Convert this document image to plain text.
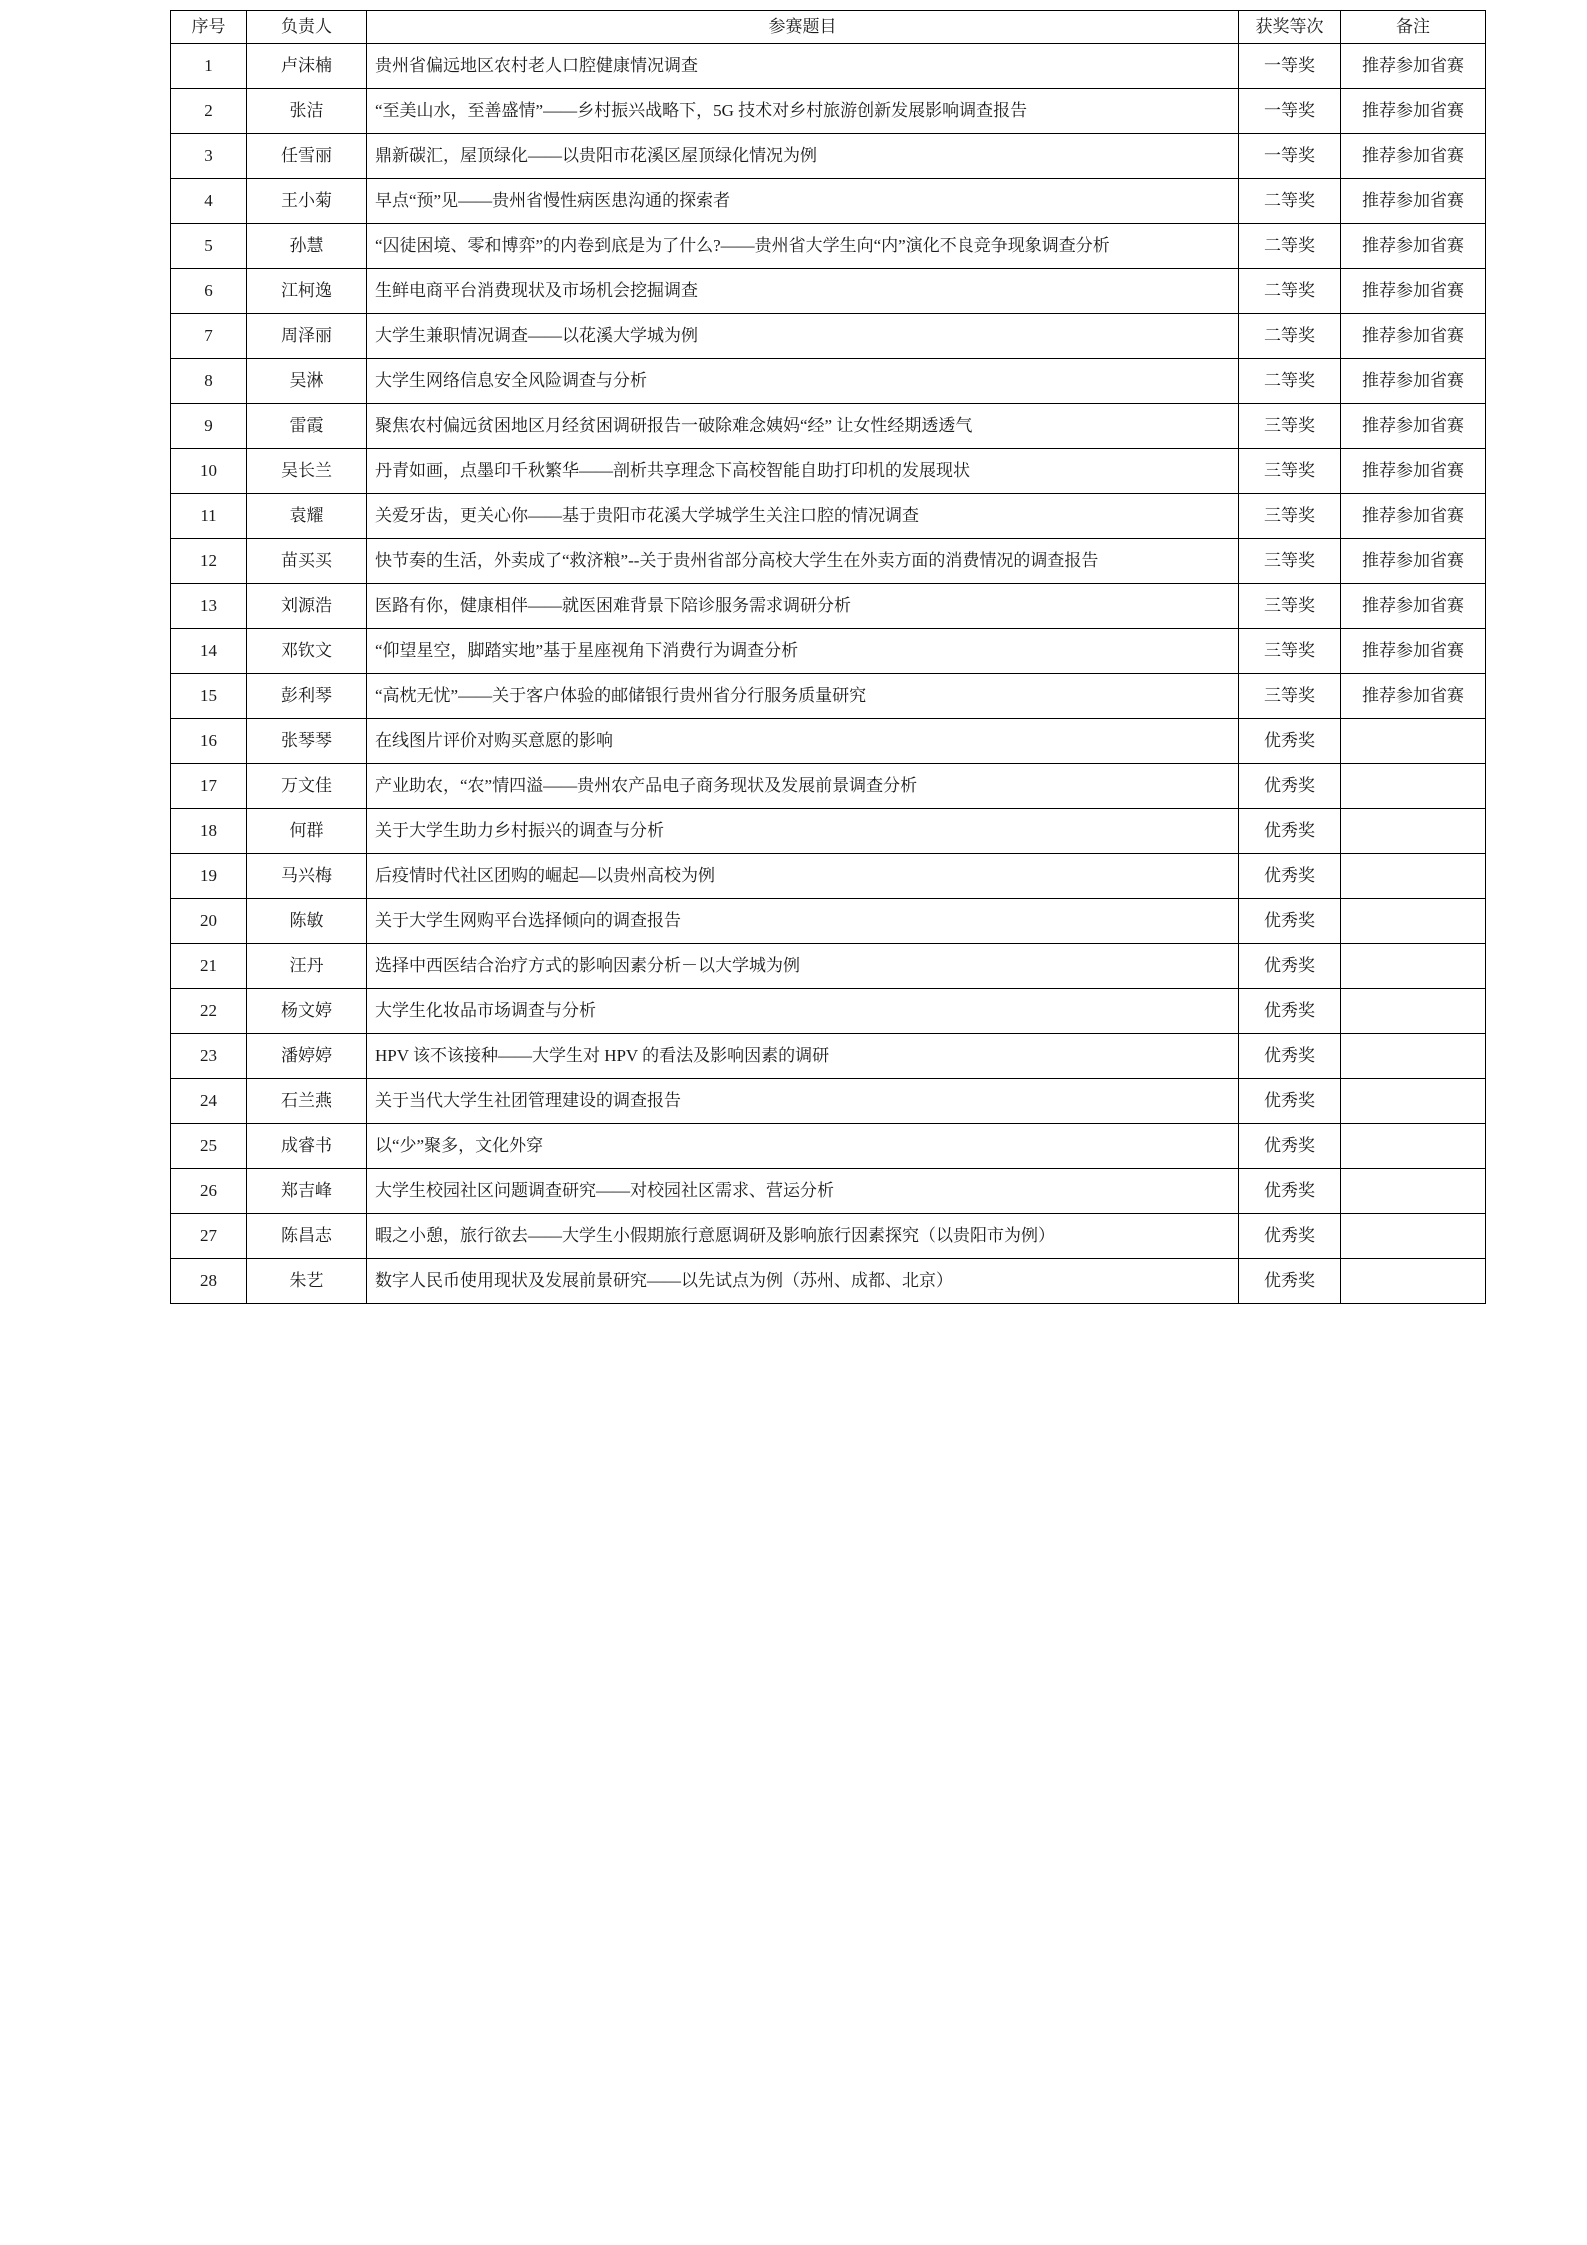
序号	负责人	参赛题目	获奖等次	备注
1	卢沫楠	贵州省偏远地区农村老人口腔健康情况调查	一等奖	推荐参加省赛
2	张洁	“至美山水，至善盛情”——乡村振兴战略下，5G 技术对乡村旅游创新发展影响调查报告	一等奖	推荐参加省赛
3	任雪丽	鼎新碳汇，屋顶绿化——以贵阳市花溪区屋顶绿化情况为例	一等奖	推荐参加省赛
4	王小菊	早点“预”见——贵州省慢性病医患沟通的探索者	二等奖	推荐参加省赛
5	孙慧	“囚徒困境、零和博弈”的内卷到底是为了什么?——贵州省大学生向“内”演化不良竞争现象调查分析	二等奖	推荐参加省赛
6	江柯逸	生鲜电商平台消费现状及市场机会挖掘调查	二等奖	推荐参加省赛
7	周泽丽	大学生兼职情况调查——以花溪大学城为例	二等奖	推荐参加省赛
8	吴淋	大学生网络信息安全风险调查与分析	二等奖	推荐参加省赛
9	雷霞	聚焦农村偏远贫困地区月经贫困调研报告一破除难念姨妈“经” 让女性经期透透气	三等奖	推荐参加省赛
10	吴长兰	丹青如画，点墨印千秋繁华——剖析共享理念下高校智能自助打印机的发展现状	三等奖	推荐参加省赛
11	袁耀	关爱牙齿，更关心你——基于贵阳市花溪大学城学生关注口腔的情况调查	三等奖	推荐参加省赛
12	苗买买	快节奏的生活，外卖成了“救济粮”--关于贵州省部分高校大学生在外卖方面的消费情况的调查报告	三等奖	推荐参加省赛
13	刘源浩	医路有你，健康相伴——就医困难背景下陪诊服务需求调研分析	三等奖	推荐参加省赛
14	邓钦文	“仰望星空，脚踏实地”基于星座视角下消费行为调查分析	三等奖	推荐参加省赛
15	彭利琴	“高枕无忧”——关于客户体验的邮储银行贵州省分行服务质量研究	三等奖	推荐参加省赛
16	张琴琴	在线图片评价对购买意愿的影响	优秀奖	
17	万文佳	产业助农，“农”情四溢——贵州农产品电子商务现状及发展前景调查分析	优秀奖	
18	何群	关于大学生助力乡村振兴的调查与分析	优秀奖	
19	马兴梅	后疫情时代社区团购的崛起—以贵州高校为例	优秀奖	
20	陈敏	关于大学生网购平台选择倾向的调查报告	优秀奖	
21	汪丹	选择中西医结合治疗方式的影响因素分析－以大学城为例	优秀奖	
22	杨文婷	大学生化妆品市场调查与分析	优秀奖	
23	潘婷婷	HPV 该不该接种——大学生对 HPV 的看法及影响因素的调研	优秀奖	
24	石兰燕	关于当代大学生社团管理建设的调查报告	优秀奖	
25	成睿书	以“少”聚多，文化外穿	优秀奖	
26	郑吉峰	大学生校园社区问题调查研究——对校园社区需求、营运分析	优秀奖	
27	陈昌志	暇之小憩，旅行欲去——大学生小假期旅行意愿调研及影响旅行因素探究（以贵阳市为例）	优秀奖	
28	朱艺	数字人民币使用现状及发展前景研究——以先试点为例（苏州、成都、北京）	优秀奖	
